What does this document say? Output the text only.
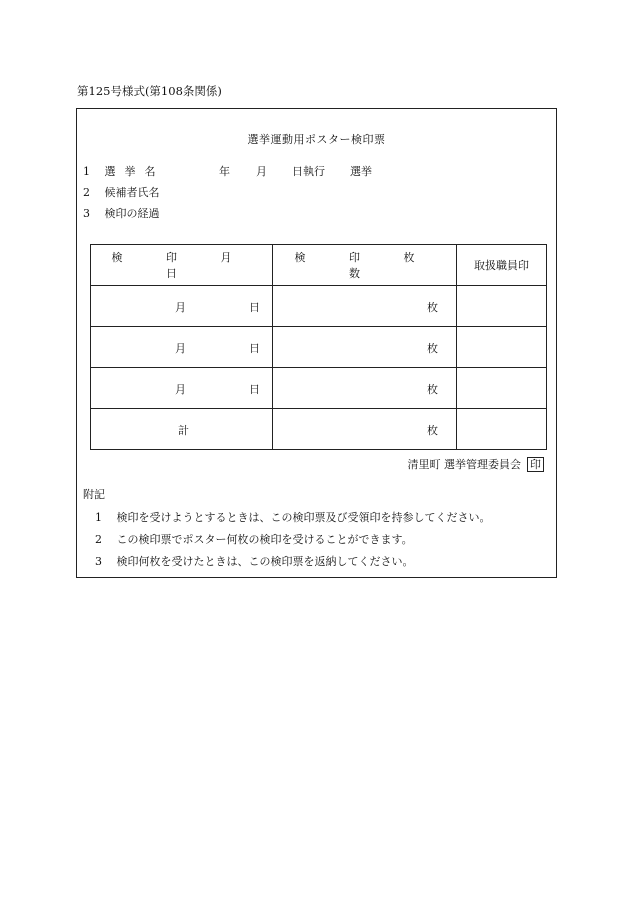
第125号様式(第108条関係)
選挙運動用ポスター検印票
1 選挙名	年 月 日執行 選挙
2 候補者氏名
3 検印の経過
検 印 月 日	検 印 枚 数	取扱職員印

月 日	枚	

月 日	枚	

月 日	枚	

計	枚	

清里町 選挙管理委員会 印
附記
1 検印を受けようとするときは、この検印票及び受領印を持参してください。
2 この検印票でポスター何枚の検印を受けることができます。
3 検印何枚を受けたときは、この検印票を返納してください。
